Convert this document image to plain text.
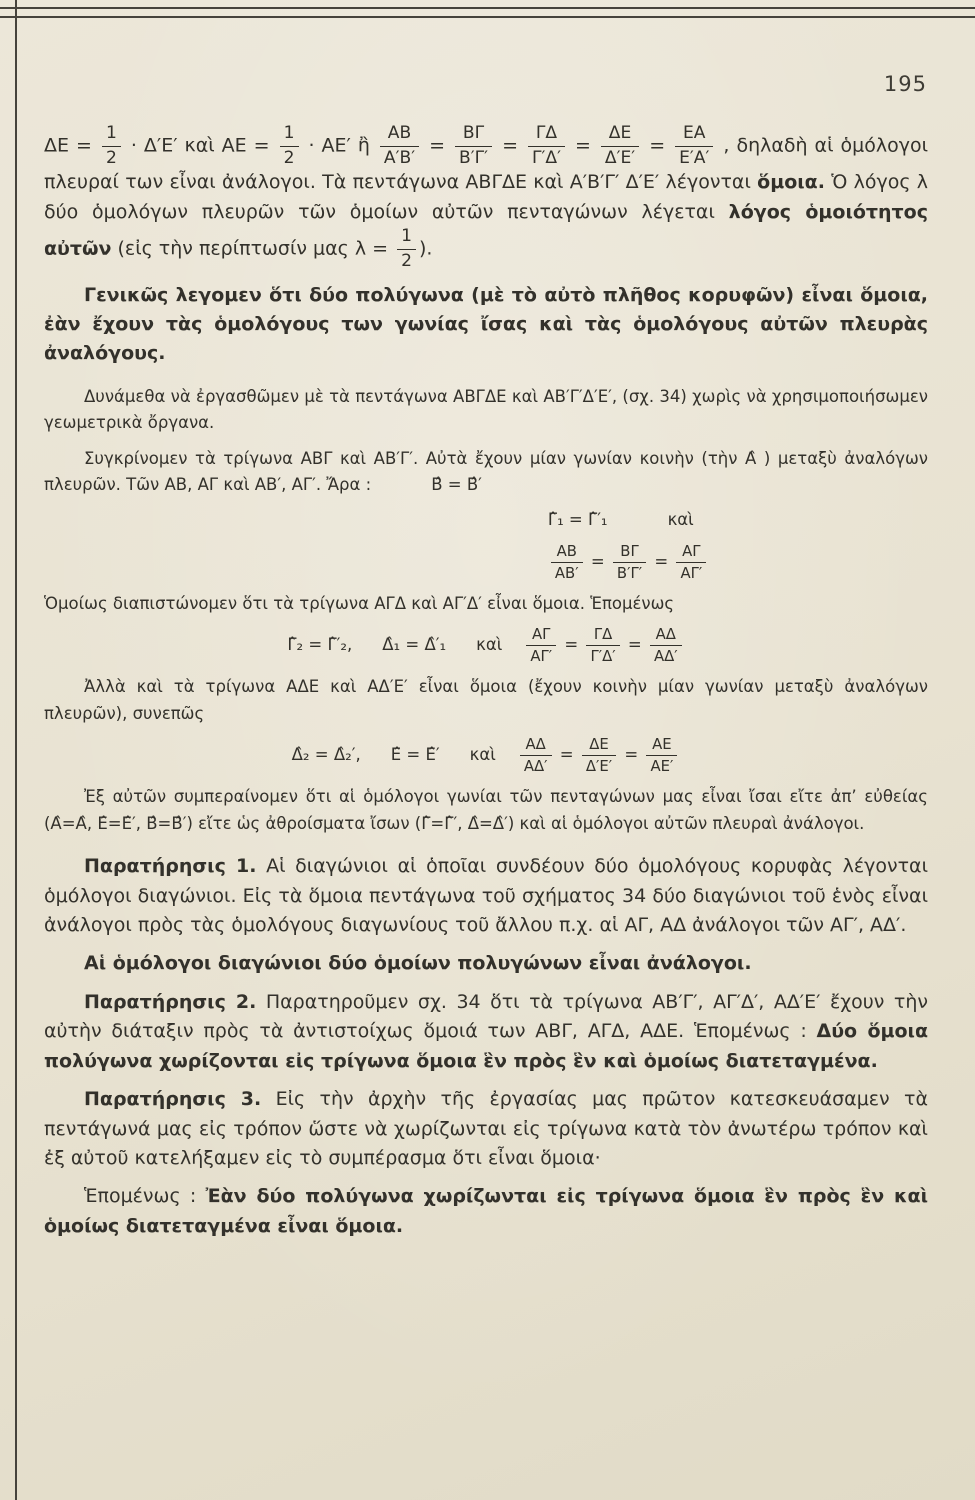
195

$\Delta E = \frac{1}{2} \cdot \Delta'E'$ καὶ $AE = \frac{1}{2} \cdot AE'$ ἢ $\frac{AB}{A'B'} = \frac{B\Gamma}{B'\Gamma'} = \frac{\Gamma\Delta}{\Gamma'\Delta'} = \frac{\Delta E}{\Delta'E'} = \frac{EA}{E'A'}$ , δηλαδὴ αἱ ὁμόλογοι πλευραί των εἶναι ἀνάλογοι. Τὰ πεντάγωνα ΑΒΓΔΕ καὶ Α′Β′Γ′ Δ′Ε′ λέγονται ὅμοια. Ὁ λόγος λ δύο ὁμολόγων πλευρῶν τῶν ὁμοίων αὐτῶν πενταγώνων λέγεται λόγος ὁμοιότητος αὐτῶν (εἰς τὴν περίπτωσίν μας $\lambda = \frac{1}{2}$ ).

Γενικῶς λεγομεν ὅτι δύο πολύγωνα (μὲ τὸ αὐτὸ πλῆθος κορυφῶν) εἶναι ὅμοια, ἐὰν ἔχουν τὰς ὁμολόγους των γωνίας ἴσας καὶ τὰς ὁμολόγους αὐτῶν πλευρὰς ἀναλόγους.

Δυνάμεθα νὰ ἐργασθῶμεν μὲ τὰ πεντάγωνα ΑΒΓΔΕ καὶ ΑΒ′Γ′Δ′Ε′, (σχ. 34) χωρὶς νὰ χρησιμοποιήσωμεν γεωμετρικὰ ὄργανα.

Συγκρίνομεν τὰ τρίγωνα ΑΒΓ καὶ ΑΒ′Γ′. Αὐτὰ ἔχουν μίαν γωνίαν κοινὴν (τὴν Α̂ ) μεταξὺ ἀναλόγων πλευρῶν. Τῶν ΑΒ, ΑΓ καὶ ΑΒ′, ΑΓ′. Ἄρα :	Β̂ = Β̂′

Γ̂₁ = Γ̂′₁	καὶ

$\frac{AB}{AB'} = \frac{B\Gamma}{B'\Gamma'} = \frac{A\Gamma}{A\Gamma'}$

Ὁμοίως διαπιστώνομεν ὅτι τὰ τρίγωνα ΑΓΔ καὶ ΑΓ′Δ′ εἶναι ὅμοια. Ἑπομένως

Γ̂₂ = Γ̂′₂, Δ̂₁ = Δ̂′₁ καὶ $\frac{A\Gamma}{A\Gamma'} = \frac{\Gamma\Delta}{\Gamma'\Delta'} = \frac{A\Delta}{A\Delta'}$

Ἀλλὰ καὶ τὰ τρίγωνα ΑΔΕ καὶ ΑΔ′Ε′ εἶναι ὅμοια (ἔχουν κοινὴν μίαν γωνίαν μεταξὺ ἀναλόγων πλευρῶν), συνεπῶς

Δ̂₂ = Δ̂₂′, Ε̂ = Ε̂′ καὶ $\frac{A\Delta}{A\Delta'} = \frac{\Delta E}{\Delta'E'} = \frac{AE}{AE'}$

Ἐξ αὐτῶν συμπεραίνομεν ὅτι αἱ ὁμόλογοι γωνίαι τῶν πενταγώνων μας εἶναι ἴσαι εἴτε ἀπ’ εὐθείας (Α̂=Α̂, Ε̂=Ε̂′, Β̂=Β̂′) εἴτε ὡς ἀθροίσματα ἴσων (Γ̂=Γ̂′, Δ̂=Δ̂′) καὶ αἱ ὁμόλογοι αὐτῶν πλευραὶ ἀνάλογοι.

Παρατήρησις 1. Αἱ διαγώνιοι αἱ ὁποῖαι συνδέουν δύο ὁμολόγους κορυφὰς λέγονται ὁμόλογοι διαγώνιοι. Εἰς τὰ ὅμοια πεντάγωνα τοῦ σχήματος 34 δύο διαγώνιοι τοῦ ἑνὸς εἶναι ἀνάλογοι πρὸς τὰς ὁμολόγους διαγωνίους τοῦ ἄλλου π.χ. αἱ ΑΓ, ΑΔ ἀνάλογοι τῶν ΑΓ′, ΑΔ′.

Αἱ ὁμόλογοι διαγώνιοι δύο ὁμοίων πολυγώνων εἶναι ἀνάλογοι.

Παρατήρησις 2. Παρατηροῦμεν σχ. 34 ὅτι τὰ τρίγωνα ΑΒ′Γ′, ΑΓ′Δ′, ΑΔ′Ε′ ἔχουν τὴν αὐτὴν διάταξιν πρὸς τὰ ἀντιστοίχως ὅμοιά των ΑΒΓ, ΑΓΔ, ΑΔΕ. Ἑπομένως : Δύο ὅμοια πολύγωνα χωρίζονται εἰς τρίγωνα ὅμοια ἓν πρὸς ἓν καὶ ὁμοίως διατεταγμένα.

Παρατήρησις 3. Εἰς τὴν ἀρχὴν τῆς ἐργασίας μας πρῶτον κατεσκευάσαμεν τὰ πεντάγωνά μας εἰς τρόπον ὥστε νὰ χωρίζωνται εἰς τρίγωνα κατὰ τὸν ἀνωτέρω τρόπον καὶ ἐξ αὐτοῦ κατελήξαμεν εἰς τὸ συμπέρασμα ὅτι εἶναι ὅμοια·

Ἑπομένως : Ἐὰν δύο πολύγωνα χωρίζωνται εἰς τρίγωνα ὅμοια ἓν πρὸς ἓν καὶ ὁμοίως διατεταγμένα εἶναι ὅμοια.
